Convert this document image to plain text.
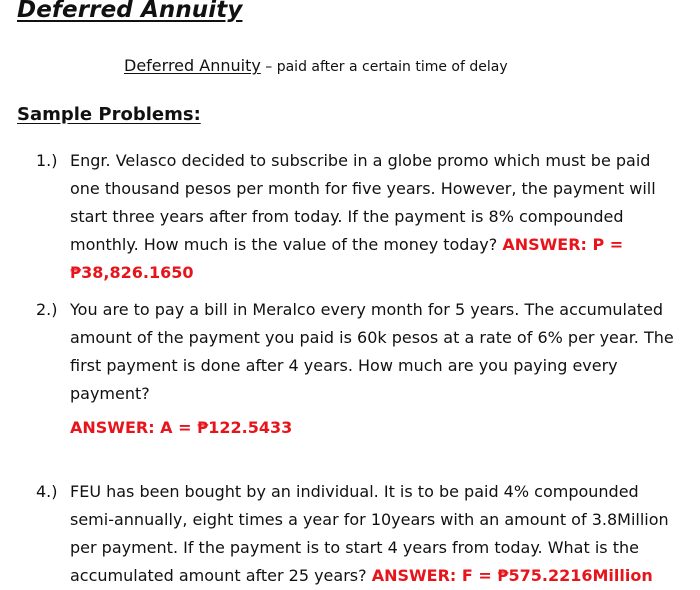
Deferred Annuity
Deferred Annuity – paid after a certain time of delay
Sample Problems:
1.) Engr. Velasco decided to subscribe in a globe promo which must be paid
one thousand pesos per month for five years. However, the payment will
start three years after from today. If the payment is 8% compounded
monthly. How much is the value of the money today? ANSWER: P =
₱38,826.1650
2.) You are to pay a bill in Meralco every month for 5 years. The accumulated
amount of the payment you paid is 60k pesos at a rate of 6% per year. The
first payment is done after 4 years. How much are you paying every
payment?
ANSWER: A = ₱122.5433
4.) FEU has been bought by an individual. It is to be paid 4% compounded
semi-annually, eight times a year for 10years with an amount of 3.8Million
per payment. If the payment is to start 4 years from today. What is the
accumulated amount after 25 years? ANSWER: F = ₱575.2216Million
